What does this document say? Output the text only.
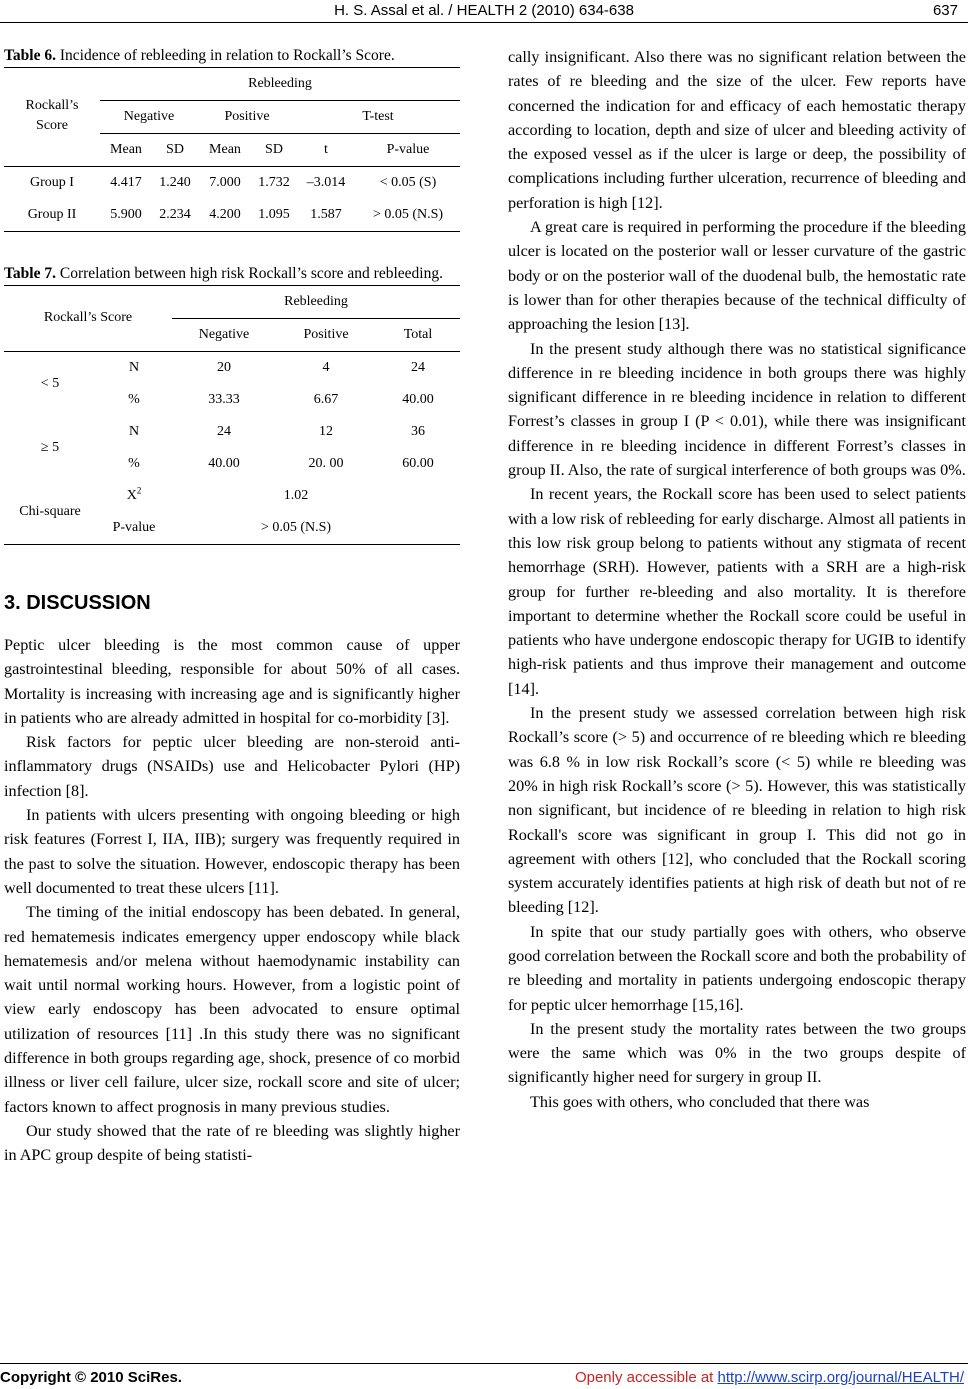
H. S. Assal et al. / HEALTH 2 (2010) 634-638	637

Table 6. Incidence of rebleeding in relation to Rockall’s Score.

Rockall’s Score	Rebleeding					
	Negative		Positive		T-test	
	Mean	SD	Mean	SD	t	P-value
Group I	4.417	1.240	7.000	1.732	–3.014	< 0.05 (S)
Group II	5.900	2.234	4.200	1.095	1.587	> 0.05 (N.S)

Table 7. Correlation between high risk Rockall’s score and rebleeding.

Rockall’s Score		Rebleeding		
		Negative	Positive	Total
< 5	N	20	4	24
	%	33.33	6.67	40.00
≥ 5	N	24	12	36
	%	40.00	20. 00	60.00
Chi-square	$X^2$	1.02		
	P-value	> 0.05 (N.S)		
3. DISCUSSION

Peptic ulcer bleeding is the most common cause of upper gastrointestinal bleeding, responsible for about 50% of all cases. Mortality is increasing with increasing age and is significantly higher in patients who are already admitted in hospital for co-morbidity [3].

Risk factors for peptic ulcer bleeding are non-steroid anti-inflammatory drugs (NSAIDs) use and Helicobacter Pylori (HP) infection [8].

In patients with ulcers presenting with ongoing bleeding or high risk features (Forrest I, IIA, IIB); surgery was frequently required in the past to solve the situation. However, endoscopic therapy has been well documented to treat these ulcers [11].

The timing of the initial endoscopy has been debated. In general, red hematemesis indicates emergency upper endoscopy while black hematemesis and/or melena without haemodynamic instability can wait until normal working hours. However, from a logistic point of view early endoscopy has been advocated to ensure optimal utilization of resources [11] .In this study there was no significant difference in both groups regarding age, shock, presence of co morbid illness or liver cell failure, ulcer size, rockall score and site of ulcer; factors known to affect prognosis in many previous studies.

Our study showed that the rate of re bleeding was slightly higher in APC group despite of being statisti-

cally insignificant. Also there was no significant relation between the rates of re bleeding and the size of the ulcer. Few reports have concerned the indication for and efficacy of each hemostatic therapy according to location, depth and size of ulcer and bleeding activity of the exposed vessel as if the ulcer is large or deep, the possibility of complications including further ulceration, recurrence of bleeding and perforation is high [12].

A great care is required in performing the procedure if the bleeding ulcer is located on the posterior wall or lesser curvature of the gastric body or on the posterior wall of the duodenal bulb, the hemostatic rate is lower than for other therapies because of the technical difficulty of approaching the lesion [13].

In the present study although there was no statistical significance difference in re bleeding incidence in both groups there was highly significant difference in re bleeding incidence in relation to different Forrest’s classes in group I (P < 0.01), while there was insignificant difference in re bleeding incidence in different Forrest’s classes in group II. Also, the rate of surgical interference of both groups was 0%.

In recent years, the Rockall score has been used to select patients with a low risk of rebleeding for early discharge. Almost all patients in this low risk group belong to patients without any stigmata of recent hemorrhage (SRH). However, patients with a SRH are a high-risk group for further re-bleeding and also mortality. It is therefore important to determine whether the Rockall score could be useful in patients who have undergone endoscopic therapy for UGIB to identify high-risk patients and thus improve their management and outcome [14].

In the present study we assessed correlation between high risk Rockall’s score (> 5) and occurrence of re bleeding which re bleeding was 6.8 % in low risk Rockall’s score (< 5) while re bleeding was 20% in high risk Rockall’s score (> 5). However, this was statistically non significant, but incidence of re bleeding in relation to high risk Rockall's score was significant in group I. This did not go in agreement with others [12], who concluded that the Rockall scoring system accurately identifies patients at high risk of death but not of re bleeding [12].

In spite that our study partially goes with others, who observe good correlation between the Rockall score and both the probability of re bleeding and mortality in patients undergoing endoscopic therapy for peptic ulcer hemorrhage [15,16].

In the present study the mortality rates between the two groups were the same which was 0% in the two groups despite of significantly higher need for surgery in group II.

This goes with others, who concluded that there was

Copyright © 2010 SciRes.	Openly accessible at http://www.scirp.org/journal/HEALTH/
